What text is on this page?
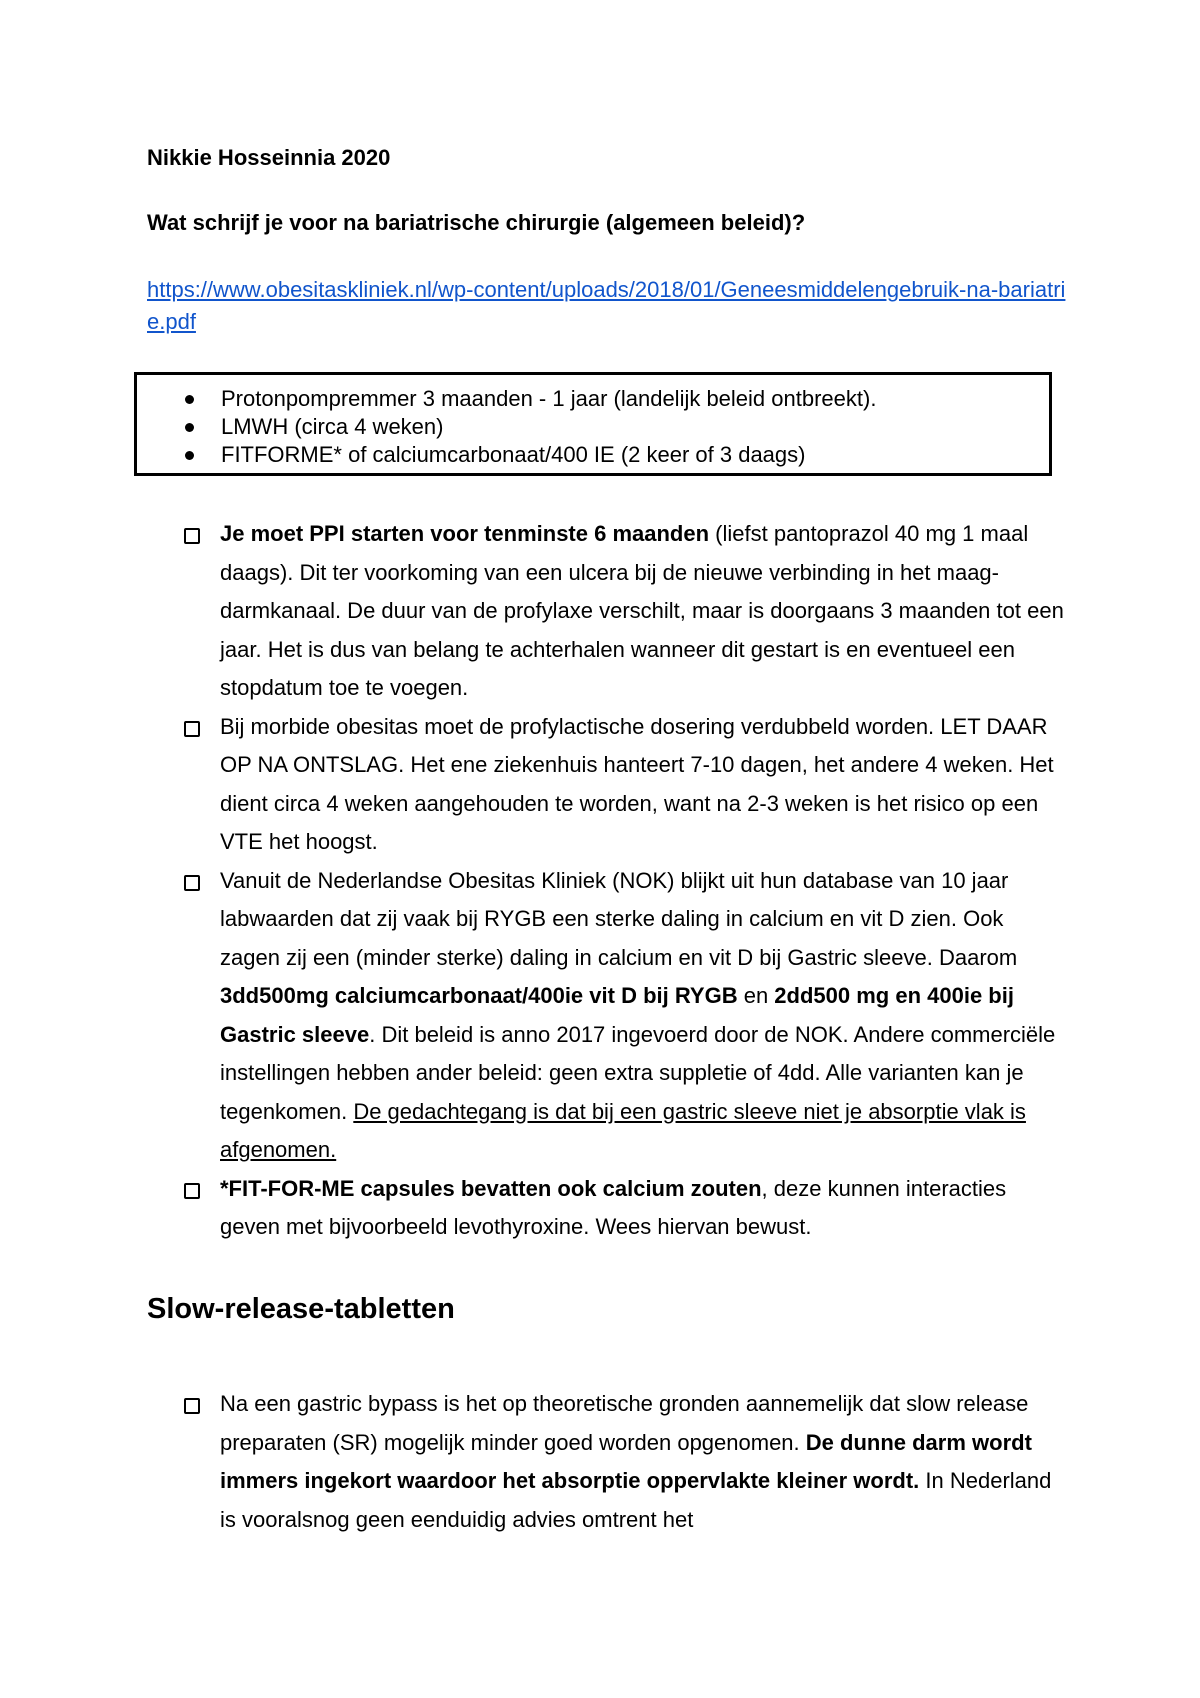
Nikkie Hosseinnia 2020

Wat schrijf je voor na bariatrische chirurgie (algemeen beleid)?

https://www.obesitaskliniek.nl/wp-content/uploads/2018/01/Geneesmiddelengebruik-na-bariatrie.pdf
Protonpompremmer 3 maanden - 1 jaar (landelijk beleid ontbreekt).
LMWH (circa 4 weken)
FITFORME* of calciumcarbonaat/400 IE (2 keer of 3 daags)
Je moet PPI starten voor tenminste 6 maanden (liefst pantoprazol 40 mg 1 maal daags). Dit ter voorkoming van een ulcera bij de nieuwe verbinding in het maag-darmkanaal. De duur van de profylaxe verschilt, maar is doorgaans 3 maanden tot een jaar. Het is dus van belang te achterhalen wanneer dit gestart is en eventueel een stopdatum toe te voegen.
Bij morbide obesitas moet de profylactische dosering verdubbeld worden. LET DAAR OP NA ONTSLAG. Het ene ziekenhuis hanteert 7-10 dagen, het andere 4 weken. Het dient circa 4 weken aangehouden te worden, want na 2-3 weken is het risico op een VTE het hoogst.
Vanuit de Nederlandse Obesitas Kliniek (NOK) blijkt uit hun database van 10 jaar labwaarden dat zij vaak bij RYGB een sterke daling in calcium en vit D zien. Ook zagen zij een (minder sterke) daling in calcium en vit D bij Gastric sleeve. Daarom 3dd500mg calciumcarbonaat/400ie vit D bij RYGB en 2dd500 mg en 400ie bij Gastric sleeve. Dit beleid is anno 2017 ingevoerd door de NOK. Andere commerciële instellingen hebben ander beleid: geen extra suppletie of 4dd. Alle varianten kan je tegenkomen. De gedachtegang is dat bij een gastric sleeve niet je absorptie vlak is afgenomen.
*FIT-FOR-ME capsules bevatten ook calcium zouten, deze kunnen interacties geven met bijvoorbeeld levothyroxine. Wees hiervan bewust.
Slow-release-tabletten
Na een gastric bypass is het op theoretische gronden aannemelijk dat slow release preparaten (SR) mogelijk minder goed worden opgenomen. De dunne darm wordt immers ingekort waardoor het absorptie oppervlakte kleiner wordt. In Nederland is vooralsnog geen eenduidig advies omtrent het
